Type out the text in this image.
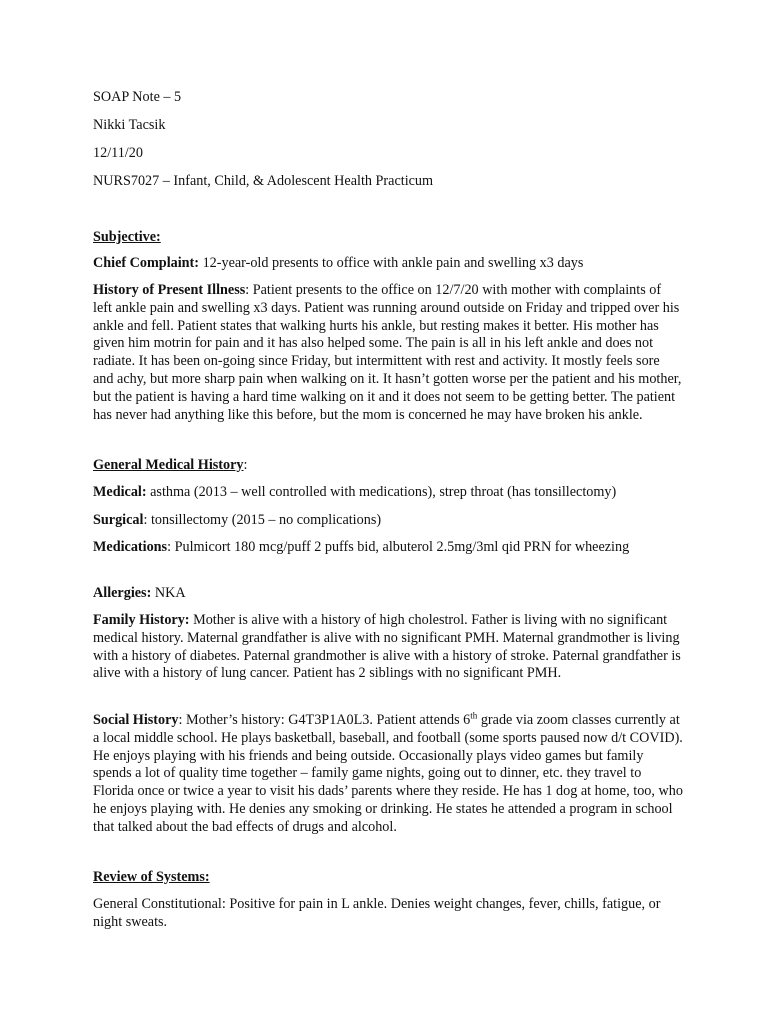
SOAP Note – 5
Nikki Tacsik
12/11/20
NURS7027 – Infant, Child, & Adolescent Health Practicum
Subjective:
Chief Complaint: 12-year-old presents to office with ankle pain and swelling x3 days
History of Present Illness: Patient presents to the office on 12/7/20 with mother with complaints of left ankle pain and swelling x3 days. Patient was running around outside on Friday and tripped over his ankle and fell. Patient states that walking hurts his ankle, but resting makes it better. His mother has given him motrin for pain and it has also helped some. The pain is all in his left ankle and does not radiate. It has been on-going since Friday, but intermittent with rest and activity. It mostly feels sore and achy, but more sharp pain when walking on it. It hasn’t gotten worse per the patient and his mother, but the patient is having a hard time walking on it and it does not seem to be getting better. The patient has never had anything like this before, but the mom is concerned he may have broken his ankle.
General Medical History:
Medical: asthma (2013 – well controlled with medications), strep throat (has tonsillectomy)
Surgical: tonsillectomy (2015 – no complications)
Medications: Pulmicort 180 mcg/puff 2 puffs bid, albuterol 2.5mg/3ml qid PRN for wheezing
Allergies: NKA
Family History: Mother is alive with a history of high cholestrol. Father is living with no significant medical history. Maternal grandfather is alive with no significant PMH. Maternal grandmother is living with a history of diabetes. Paternal grandmother is alive with a history of stroke. Paternal grandfather is alive with a history of lung cancer. Patient has 2 siblings with no significant PMH.
Social History: Mother’s history: G4T3P1A0L3. Patient attends 6th grade via zoom classes currently at a local middle school. He plays basketball, baseball, and football (some sports paused now d/t COVID). He enjoys playing with his friends and being outside. Occasionally plays video games but family spends a lot of quality time together – family game nights, going out to dinner, etc. they travel to Florida once or twice a year to visit his dads’ parents where they reside. He has 1 dog at home, too, who he enjoys playing with. He denies any smoking or drinking. He states he attended a program in school that talked about the bad effects of drugs and alcohol.
Review of Systems:
General Constitutional: Positive for pain in L ankle. Denies weight changes, fever, chills, fatigue, or night sweats.
